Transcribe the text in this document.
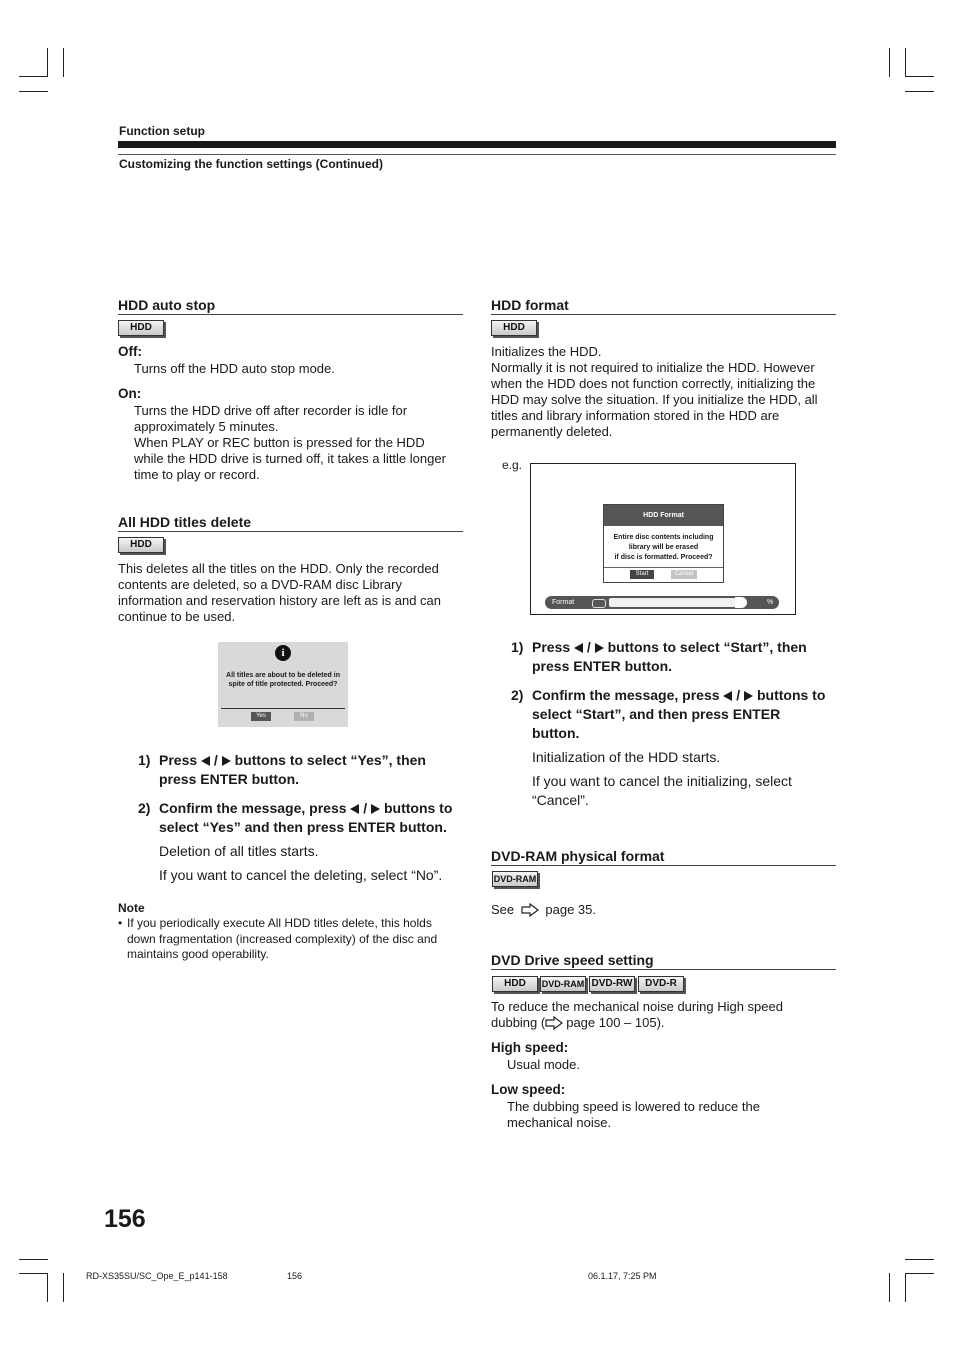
Function setup
Customizing the function settings (Continued)
HDD auto stop
HDD
Off:
Turns off the HDD auto stop mode.
On:
Turns the HDD drive off after recorder is idle for
approximately 5 minutes.
When PLAY or REC button is pressed for the HDD
while the HDD drive is turned off, it takes a little longer
time to play or record.
All HDD titles delete
HDD
This deletes all the titles on the HDD. Only the recorded
contents are deleted, so a DVD-RAM disc Library
information and reservation history are left as is and can
continue to be used.
i
All titles are about to be deleted in
spite of title protected. Proceed?
Yes	No
1) Press  /  buttons to select “Yes”, then
press ENTER button.
2) Confirm the message, press  /  buttons to
select “Yes” and then press ENTER button.
Deletion of all titles starts.
If you want to cancel the deleting, select “No”.
Note
• If you periodically execute All HDD titles delete, this holds
down fragmentation (increased complexity) of the disc and
maintains good operability.
HDD format
HDD
Initializes the HDD.
Normally it is not required to initialize the HDD. However
when the HDD does not function correctly, initializing the
HDD may solve the situation. If you initialize the HDD, all
titles and library information stored in the HDD are
permanently deleted.
e.g.
HDD Format
Entire disc contents including
library will be erased
if disc is formatted. Proceed?
Start	Cancel
Format	%
1) Press  /  buttons to select “Start”, then
press ENTER button.
2) Confirm the message, press  /  buttons to
select “Start”, and then press ENTER
button.
Initialization of the HDD starts.
If you want to cancel the initializing, select
“Cancel”.
DVD-RAM physical format
DVD-RAM
See page 35.
DVD Drive speed setting
HDD	DVD-RAM DVD-RW	DVD-R
To reduce the mechanical noise during High speed
dubbing ( page 100 – 105).
High speed:
Usual mode.
Low speed:
The dubbing speed is lowered to reduce the
mechanical noise.
156
RD-XS35SU/SC_Ope_E_p141-158	156	06.1.17, 7:25 PM
